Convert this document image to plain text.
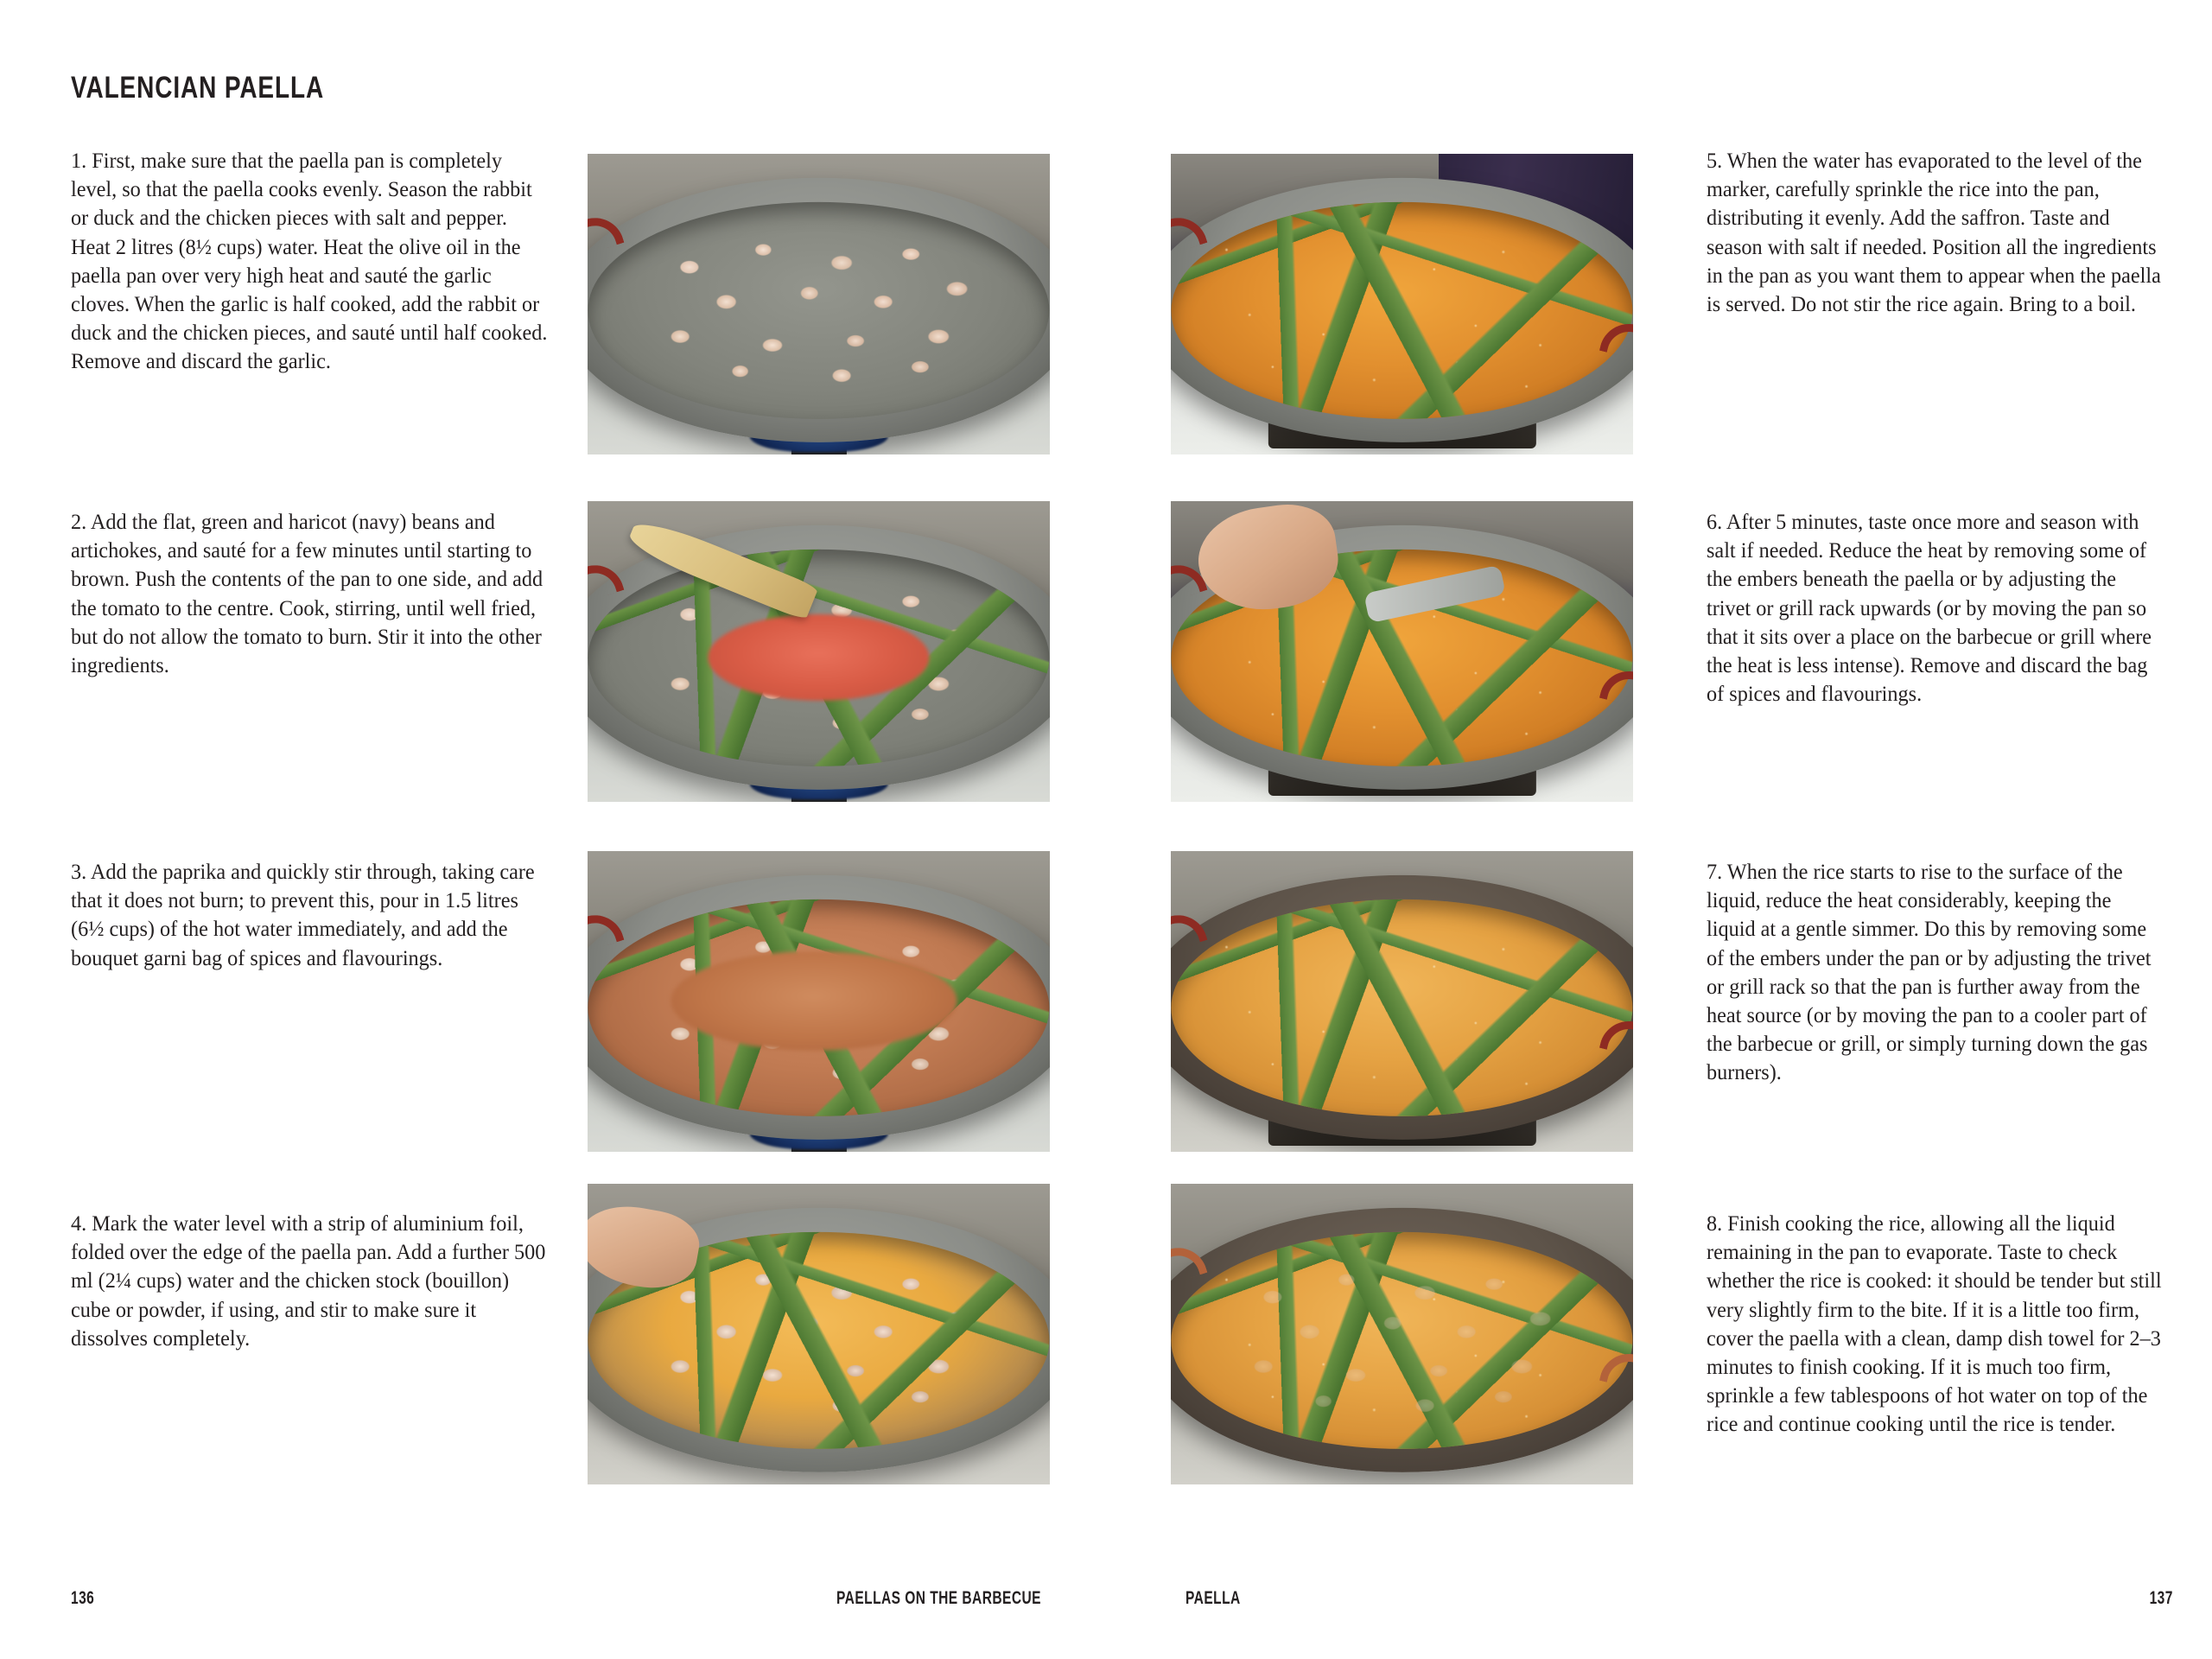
VALENCIAN PAELLA
1. First, make sure that the paella pan is completely level, so that the paella cooks evenly. Season the rabbit or duck and the chicken pieces with salt and pepper. Heat 2 litres (8½ cups) water. Heat the olive oil in the paella pan over very high heat and sauté the garlic cloves. When the garlic is half cooked, add the rabbit or duck and the chicken pieces, and sauté until half cooked. Remove and discard the garlic.
2. Add the flat, green and haricot (navy) beans and artichokes, and sauté for a few minutes until starting to brown. Push the contents of the pan to one side, and add the tomato to the centre. Cook, stirring, until well fried, but do not allow the tomato to burn. Stir it into the other ingredients.
3. Add the paprika and quickly stir through, taking care that it does not burn; to prevent this, pour in 1.5 litres (6½ cups) of the hot water immediately, and add the bouquet garni bag of spices and flavourings.
4. Mark the water level with a strip of aluminium foil, folded over the edge of the paella pan. Add a further 500 ml (2¼ cups) water and the chicken stock (bouillon) cube or powder, if using, and stir to make sure it dissolves completely.
5. When the water has evaporated to the level of the marker, carefully sprinkle the rice into the pan, distributing it evenly. Add the saffron. Taste and season with salt if needed. Position all the ingredients in the pan as you want them to appear when the paella is served. Do not stir the rice again. Bring to a boil.
6. After 5 minutes, taste once more and season with salt if needed. Reduce the heat by removing some of the embers beneath the paella or by adjusting the trivet or grill rack upwards (or by moving the pan so that it sits over a place on the barbecue or grill where the heat is less intense). Remove and discard the bag of spices and flavourings.
7. When the rice starts to rise to the surface of the liquid, reduce the heat considerably, keeping the liquid at a gentle simmer. Do this by removing some of the embers under the pan or by adjusting the trivet or grill rack so that the pan is further away from the heat source (or by moving the pan to a cooler part of the barbecue or grill, or simply turning down the gas burners).
8. Finish cooking the rice, allowing all the liquid remaining in the pan to evaporate. Taste to check whether the rice is cooked: it should be tender but still very slightly firm to the bite. If it is a little too firm, cover the paella with a clean, damp dish towel for 2–3 minutes to finish cooking. If it is much too firm, sprinkle a few tablespoons of hot water on top of the rice and continue cooking until the rice is tender.
136	PAELLAS ON THE BARBECUE	PAELLA	137
